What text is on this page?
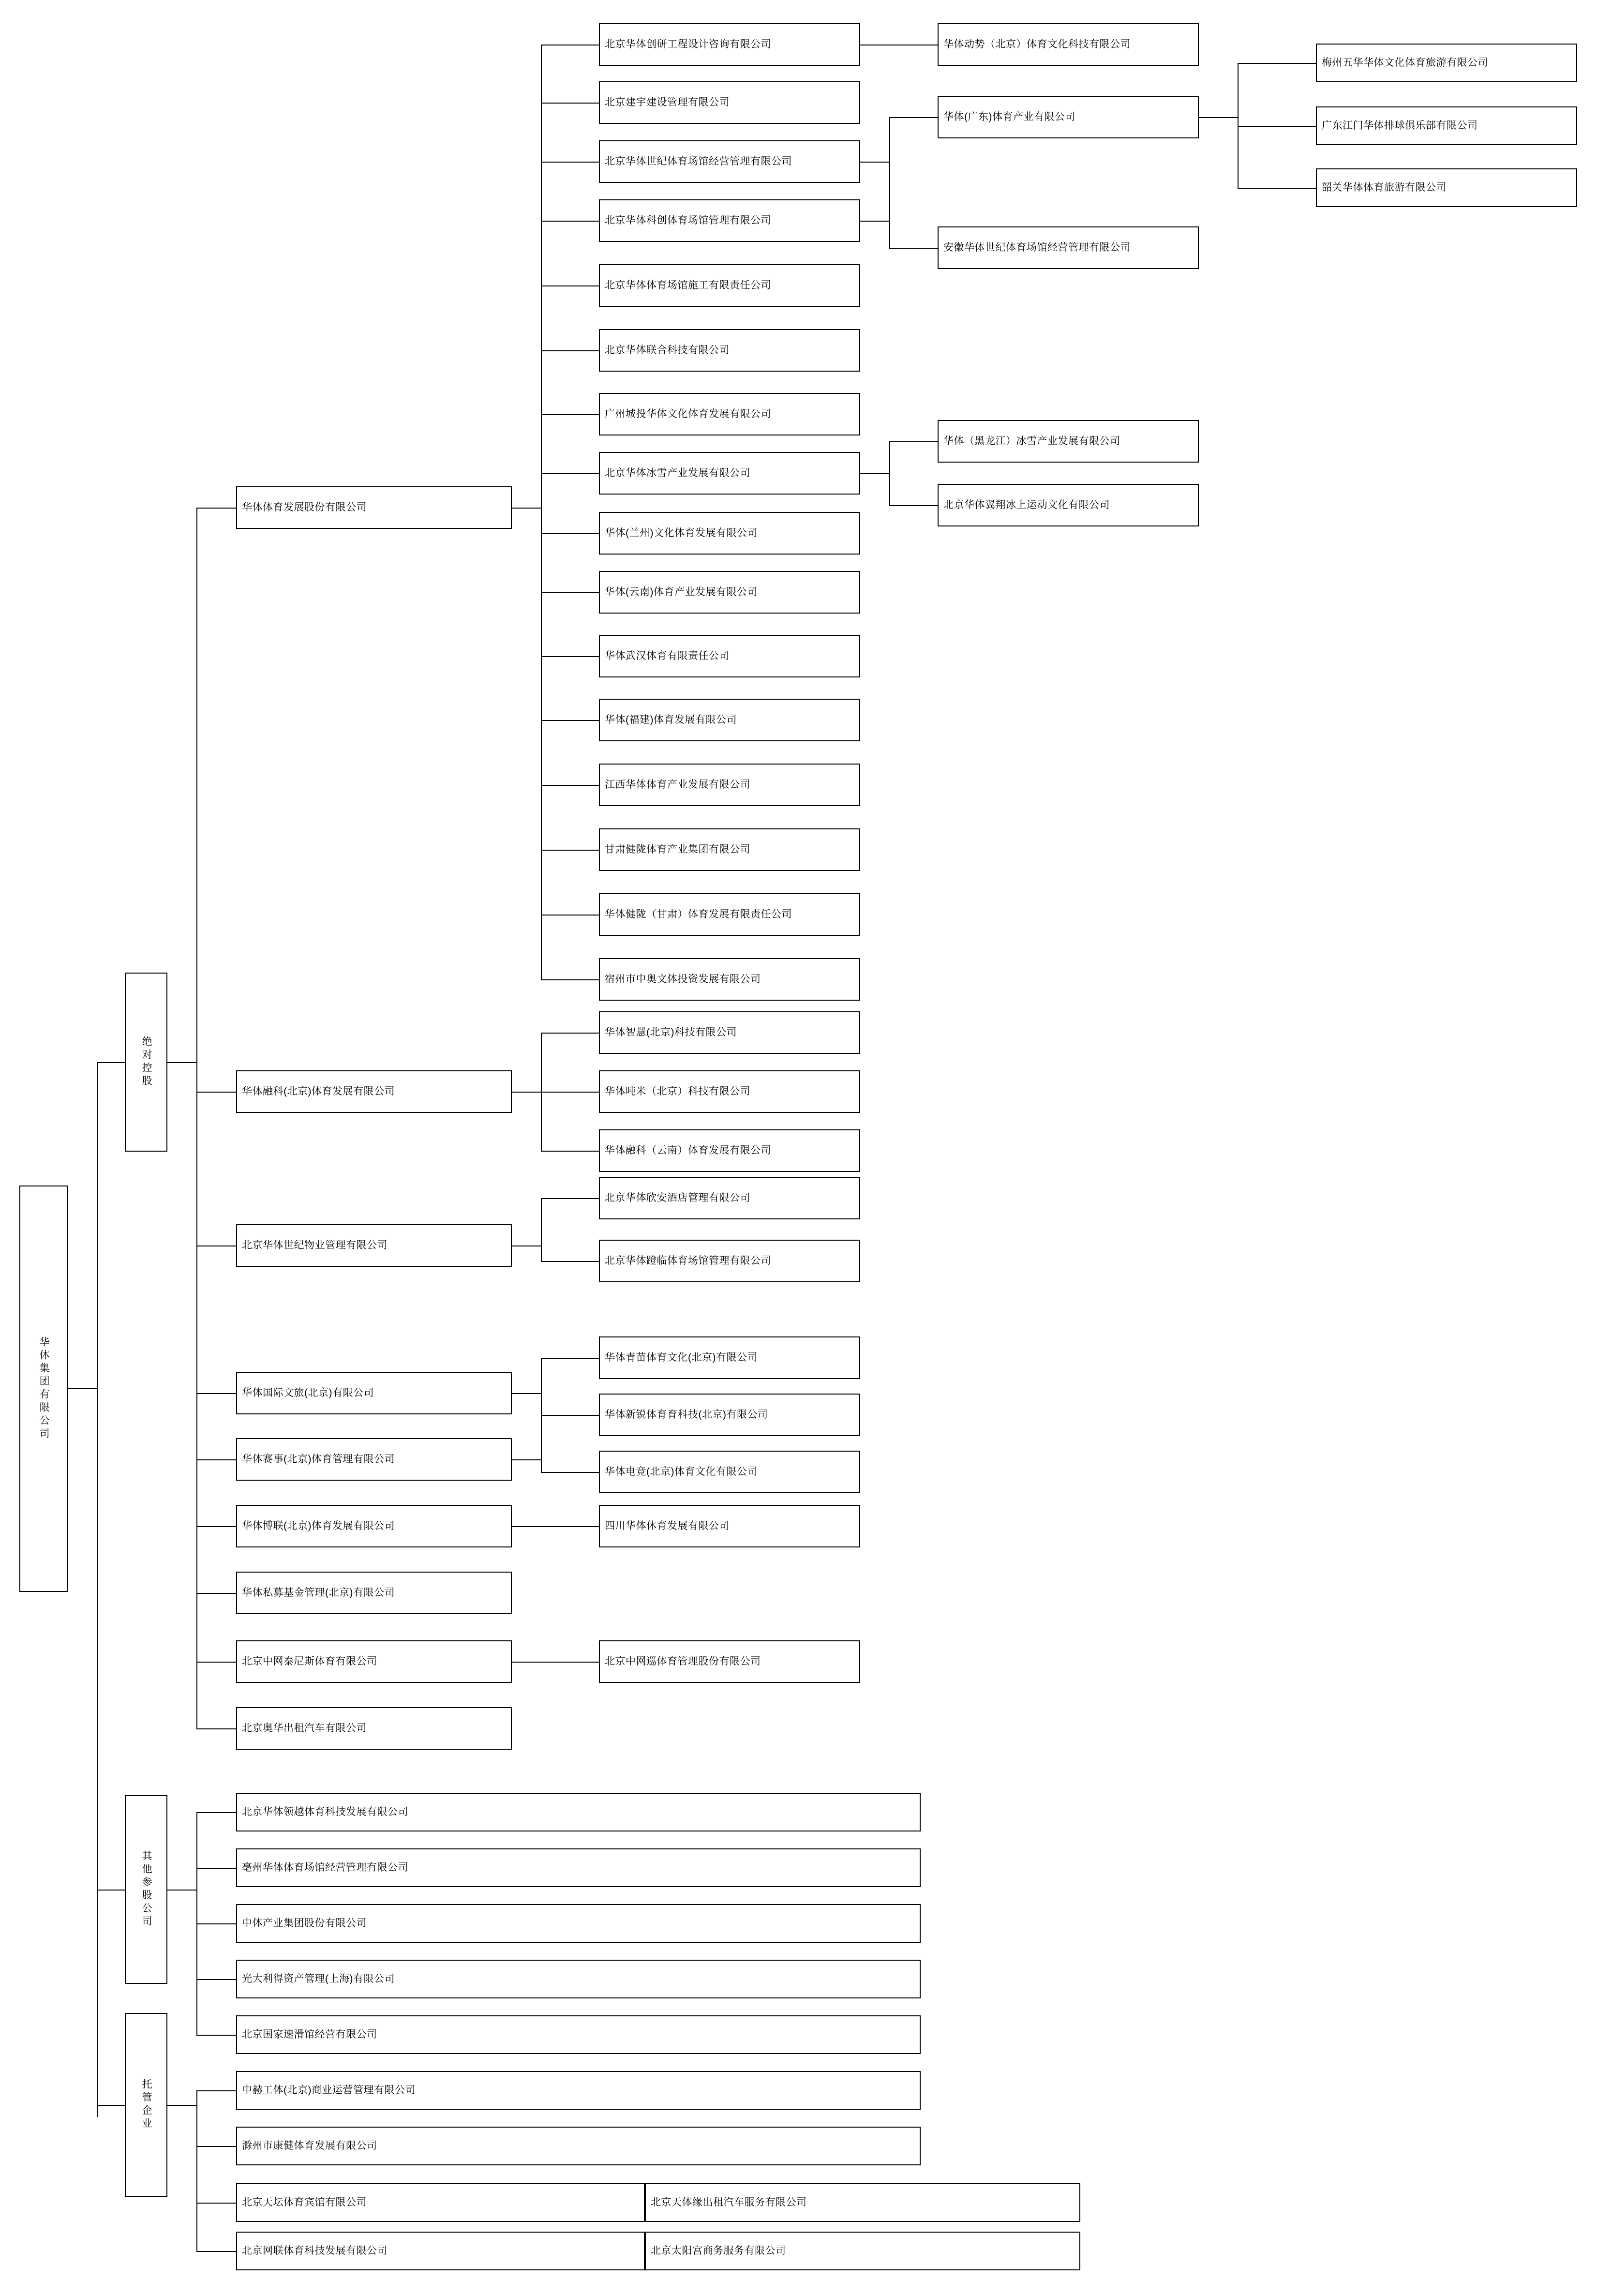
华体集团有限公司
绝对控股
其他参股公司
托管企业
华体体育发展股份有限公司
华体融科(北京)体育发展有限公司
北京华体世纪物业管理有限公司
华体国际文旅(北京)有限公司
华体赛事(北京)体育管理有限公司
华体博联(北京)体育发展有限公司
华体私募基金管理(北京)有限公司
北京中网泰尼斯体育有限公司
北京奥华出租汽车有限公司
北京华体创研工程设计咨询有限公司
北京建宇建设管理有限公司
北京华体世纪体育场馆经营管理有限公司
北京华体科创体育场馆管理有限公司
北京华体体育场馆施工有限责任公司
北京华体联合科技有限公司
广州城投华体文化体育发展有限公司
北京华体冰雪产业发展有限公司
华体(兰州)文化体育发展有限公司
华体(云南)体育产业发展有限公司
华体武汉体育有限责任公司
华体(福建)体育发展有限公司
江西华体体育产业发展有限公司
甘肃健陇体育产业集团有限公司
华体健陇（甘肃）体育发展有限责任公司
宿州市中奥文体投资发展有限公司
华体动势（北京）体育文化科技有限公司
华体(广东)体育产业有限公司
安徽华体世纪体育场馆经营管理有限公司
梅州五华华体文化体育旅游有限公司
广东江门华体排球俱乐部有限公司
韶关华体体育旅游有限公司
华体（黑龙江）冰雪产业发展有限公司
北京华体翼翔冰上运动文化有限公司
华体智慧(北京)科技有限公司
华体吨米（北京）科技有限公司
华体融科（云南）体育发展有限公司
北京华体欣安酒店管理有限公司
北京华体蹬临体育场馆管理有限公司
华体青苗体育文化(北京)有限公司
华体新锐体育育科技(北京)有限公司
华体电竞(北京)体育文化有限公司
四川华体休育发展有限公司
北京中网巡体育管理股份有限公司
北京华体领越体育科技发展有限公司
亳州华体体育场馆经营管理有限公司
中体产业集团股份有限公司
光大利得资产管理(上海)有限公司
北京国家速滑馆经营有限公司
中赫工体(北京)商业运营管理有限公司
滁州市康健体育发展有限公司
北京天坛体育宾馆有限公司
北京网联体育科技发展有限公司
北京天体缘出租汽车服务有限公司
北京太阳宫商务服务有限公司
